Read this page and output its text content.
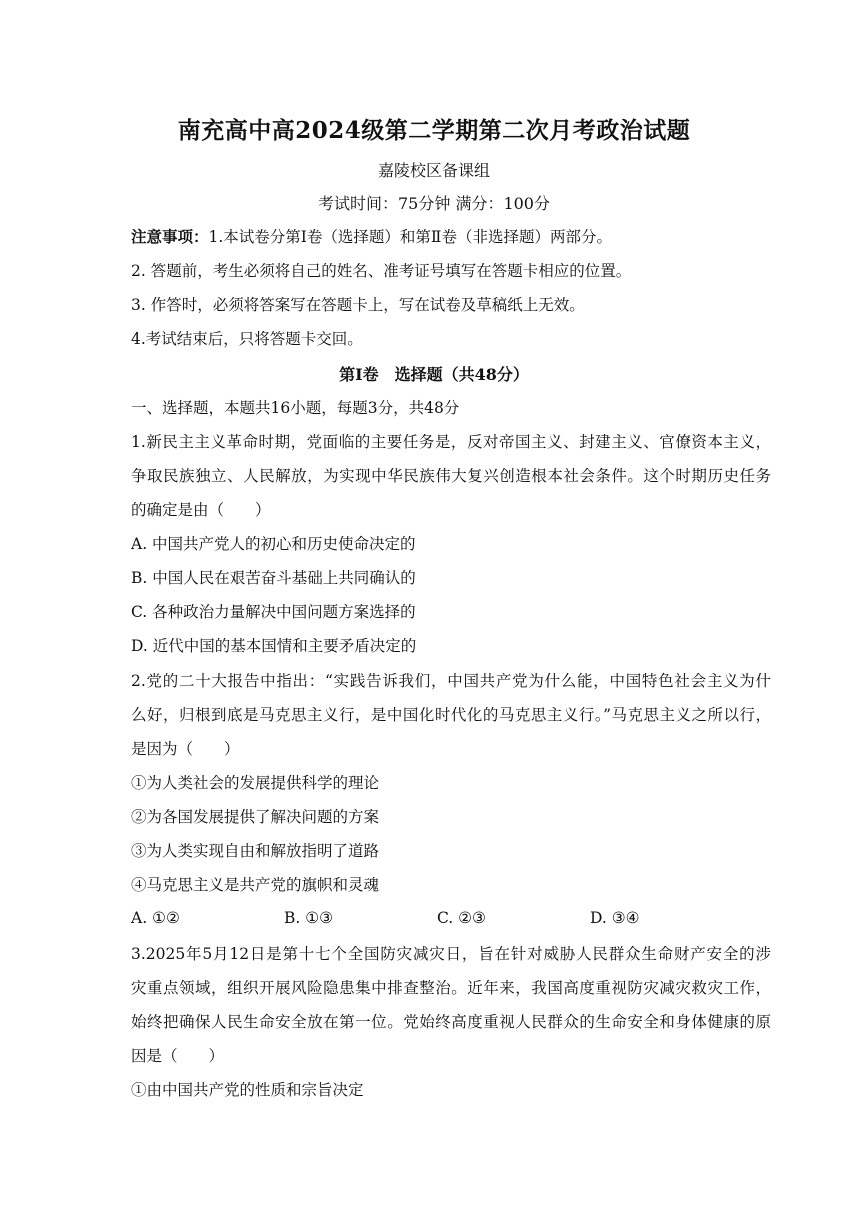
南充高中高2024级第二学期第二次月考政治试题
嘉陵校区备课组
考试时间：75分钟 满分：100分
注意事项：1.本试卷分第Ⅰ卷（选择题）和第Ⅱ卷（非选择题）两部分。
2. 答题前，考生必须将自己的姓名、准考证号填写在答题卡相应的位置。
3. 作答时，必须将答案写在答题卡上，写在试卷及草稿纸上无效。
4.考试结束后，只将答题卡交回。
第Ⅰ卷　选择题（共48分）
一、选择题，本题共16小题，每题3分，共48分
1.新民主主义革命时期，党面临的主要任务是，反对帝国主义、封建主义、官僚资本主义，
争取民族独立、人民解放，为实现中华民族伟大复兴创造根本社会条件。这个时期历史任务
的确定是由（　　）
A. 中国共产党人的初心和历史使命决定的
B. 中国人民在艰苦奋斗基础上共同确认的
C. 各种政治力量解决中国问题方案选择的
D. 近代中国的基本国情和主要矛盾决定的
2.党的二十大报告中指出：“实践告诉我们，中国共产党为什么能，中国特色社会主义为什
么好，归根到底是马克思主义行，是中国化时代化的马克思主义行。”马克思主义之所以行，
是因为（　　）
①为人类社会的发展提供科学的理论
②为各国发展提供了解决问题的方案
③为人类实现自由和解放指明了道路
④马克思主义是共产党的旗帜和灵魂
A. ①②	B. ①③	C. ②③	D. ③④
3.2025年5月12日是第十七个全国防灾减灾日，旨在针对威胁人民群众生命财产安全的涉
灾重点领域，组织开展风险隐患集中排查整治。近年来，我国高度重视防灾减灾救灾工作，
始终把确保人民生命安全放在第一位。党始终高度重视人民群众的生命安全和身体健康的原
因是（　　）
①由中国共产党的性质和宗旨决定
